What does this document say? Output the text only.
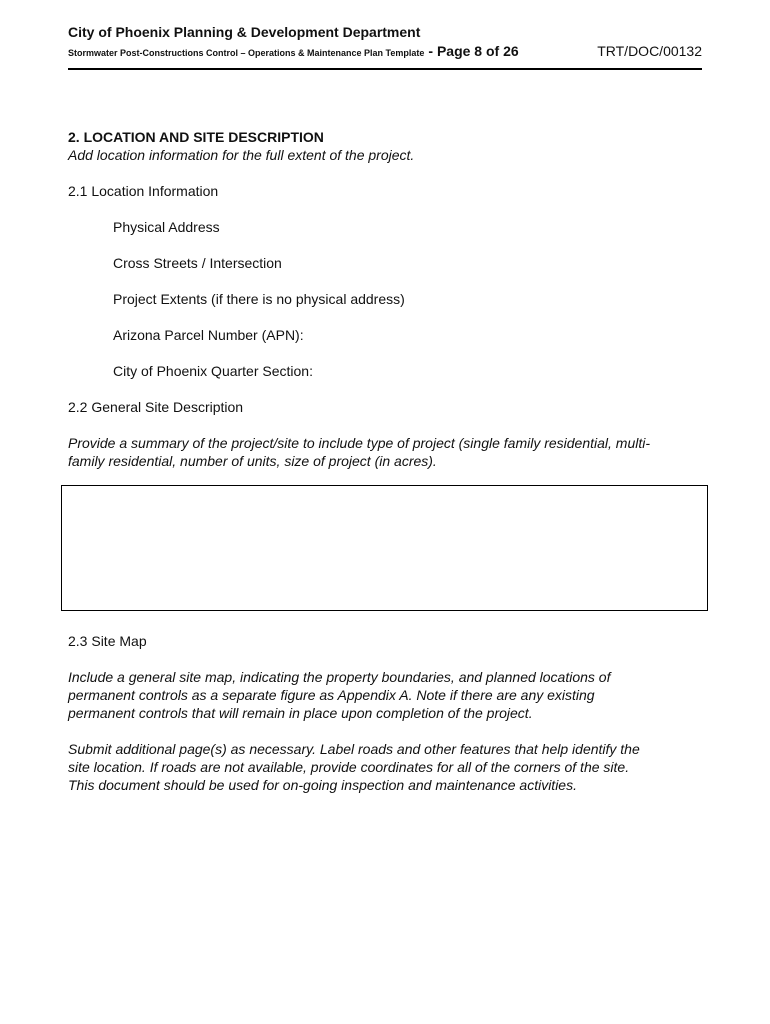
City of Phoenix Planning & Development Department
Stormwater Post-Constructions Control – Operations & Maintenance Plan Template - Page 8 of 26	TRT/DOC/00132

2. LOCATION AND SITE DESCRIPTION

Add location information for the full extent of the project.

2.1 Location Information

Physical Address

Cross Streets / Intersection

Project Extents (if there is no physical address)

Arizona Parcel Number (APN):

City of Phoenix Quarter Section:

2.2 General Site Description

Provide a summary of the project/site to include type of project (single family residential, multi-

family residential, number of units, size of project (in acres).

2.3 Site Map

Include a general site map, indicating the property boundaries, and planned locations of

permanent controls as a separate figure as Appendix A. Note if there are any existing

permanent controls that will remain in place upon completion of the project.

Submit additional page(s) as necessary. Label roads and other features that help identify the

site location. If roads are not available, provide coordinates for all of the corners of the site.

This document should be used for on-going inspection and maintenance activities.
